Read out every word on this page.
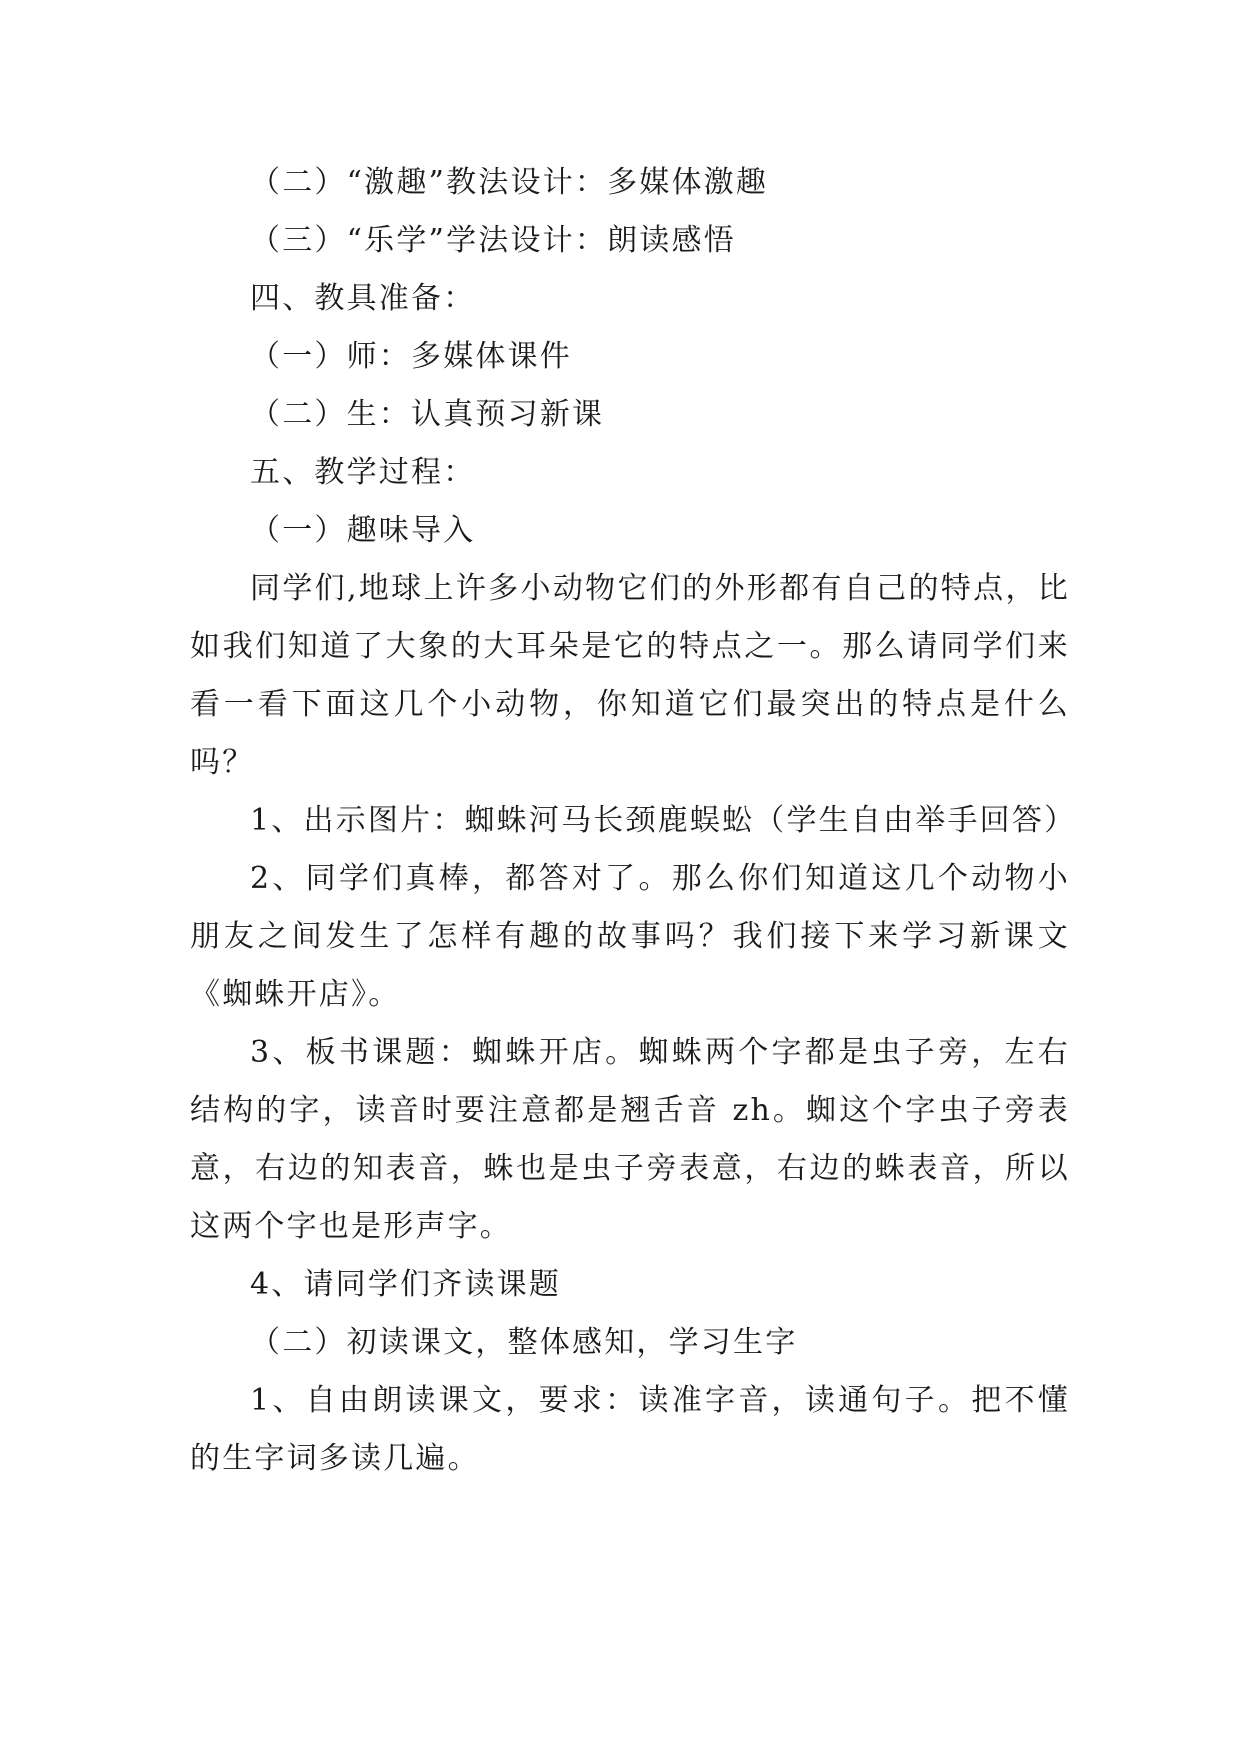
（二）“激趣”教法设计：多媒体激趣

（三）“乐学”学法设计：朗读感悟

四、教具准备：

（一）师：多媒体课件

（二）生：认真预习新课

五、教学过程：

（一）趣味导入

同学们,地球上许多小动物它们的外形都有自己的特点，比如我们知道了大象的大耳朵是它的特点之一。那么请同学们来看一看下面这几个小动物，你知道它们最突出的特点是什么吗？

1、出示图片：蜘蛛河马长颈鹿蜈蚣（学生自由举手回答）

2、同学们真棒，都答对了。那么你们知道这几个动物小朋友之间发生了怎样有趣的故事吗？我们接下来学习新课文《蜘蛛开店》。

3、板书课题：蜘蛛开店。蜘蛛两个字都是虫子旁，左右结构的字，读音时要注意都是翘舌音 zh。蜘这个字虫子旁表意，右边的知表音，蛛也是虫子旁表意，右边的蛛表音，所以这两个字也是形声字。

4、请同学们齐读课题

（二）初读课文，整体感知，学习生字

1、自由朗读课文，要求：读准字音，读通句子。把不懂的生字词多读几遍。
